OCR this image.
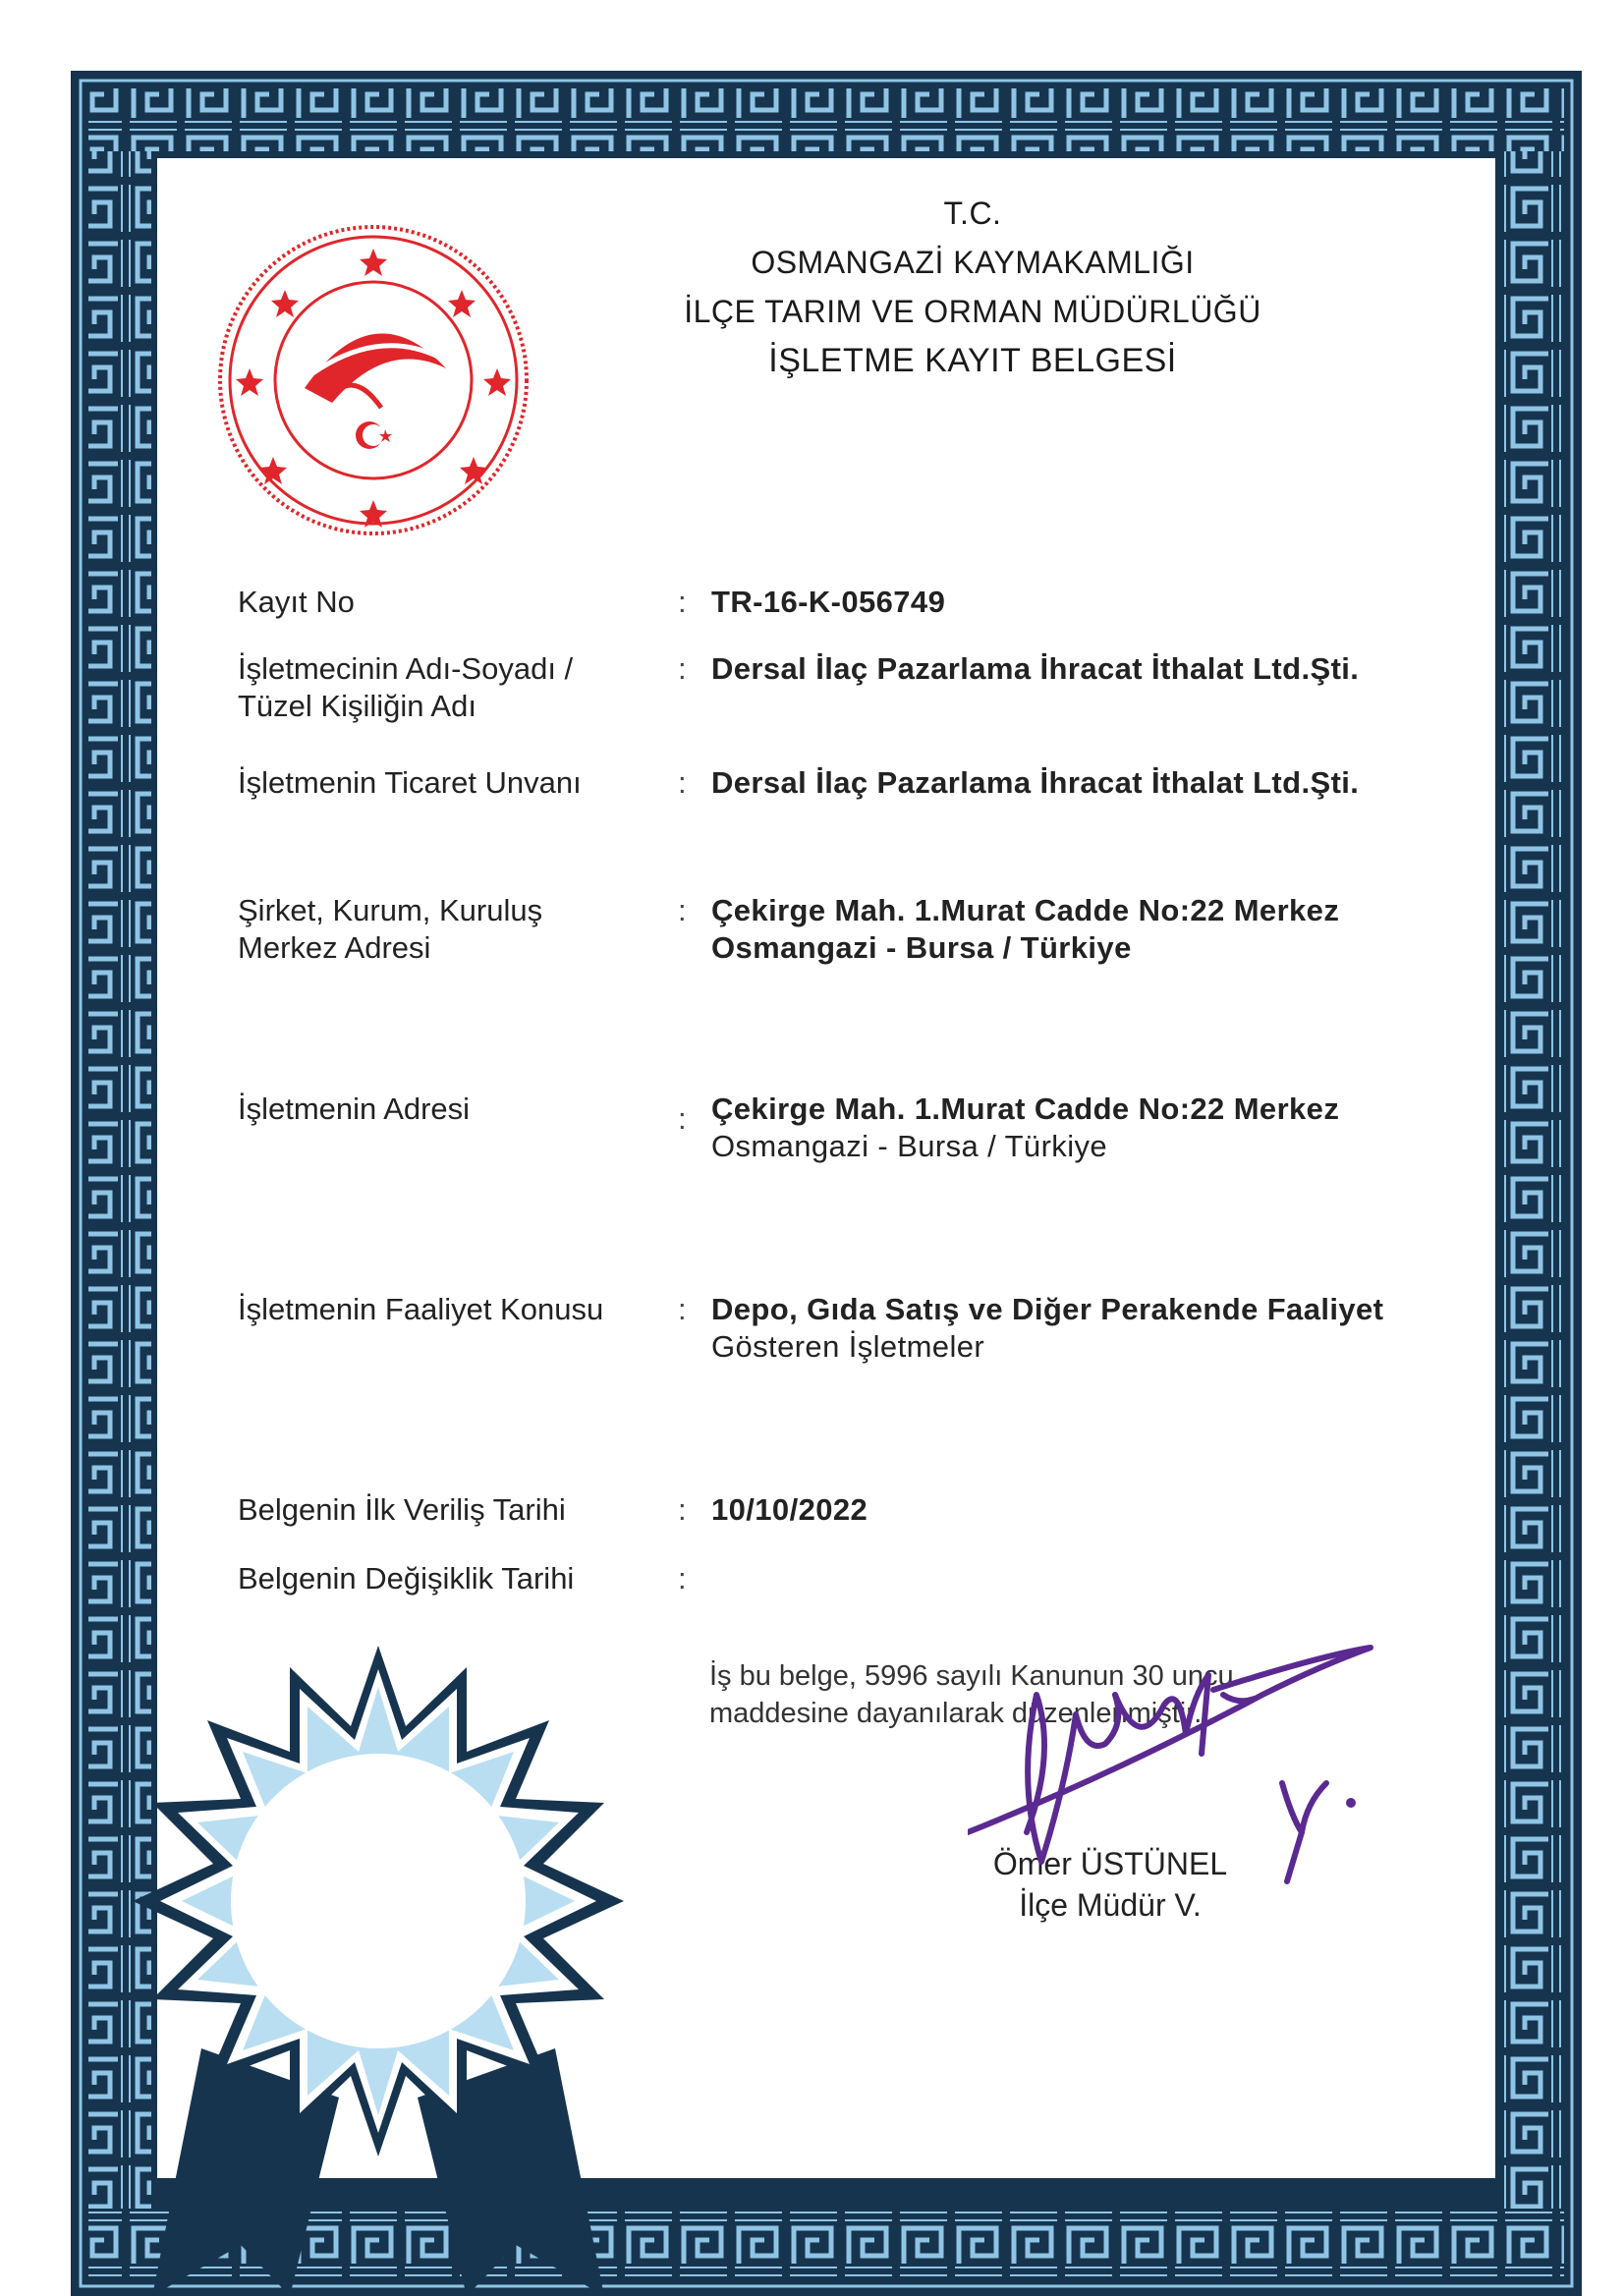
T.C.
OSMANGAZİ KAYMAKAMLIĞI
İLÇE TARIM VE ORMAN MÜDÜRLÜĞÜ
İŞLETME KAYIT BELGESİ
Kayıt No	: TR-16-K-056749
İşletmecinin Adı-Soyadı /
Tüzel Kişiliğin Adı
: Dersal İlaç Pazarlama İhracat İthalat Ltd.Şti.
İşletmenin Ticaret Unvanı	: Dersal İlaç Pazarlama İhracat İthalat Ltd.Şti.
Şirket, Kurum, Kuruluş
Merkez Adresi
: Çekirge Mah. 1.Murat Cadde No:22 Merkez
Osmangazi - Bursa / Türkiye
İşletmenin Adresi	: Çekirge Mah. 1.Murat Cadde No:22 Merkez
Osmangazi - Bursa / Türkiye
İşletmenin Faaliyet Konusu	: Depo, Gıda Satış ve Diğer Perakende Faaliyet
Gösteren İşletmeler
Belgenin İlk Veriliş Tarihi	: 10/10/2022
Belgenin Değişiklik Tarihi	:
İş bu belge, 5996 sayılı Kanunun 30 uncu
maddesine dayanılarak düzenlenmiştir.
Ömer ÜSTÜNEL
İlçe Müdür V.
